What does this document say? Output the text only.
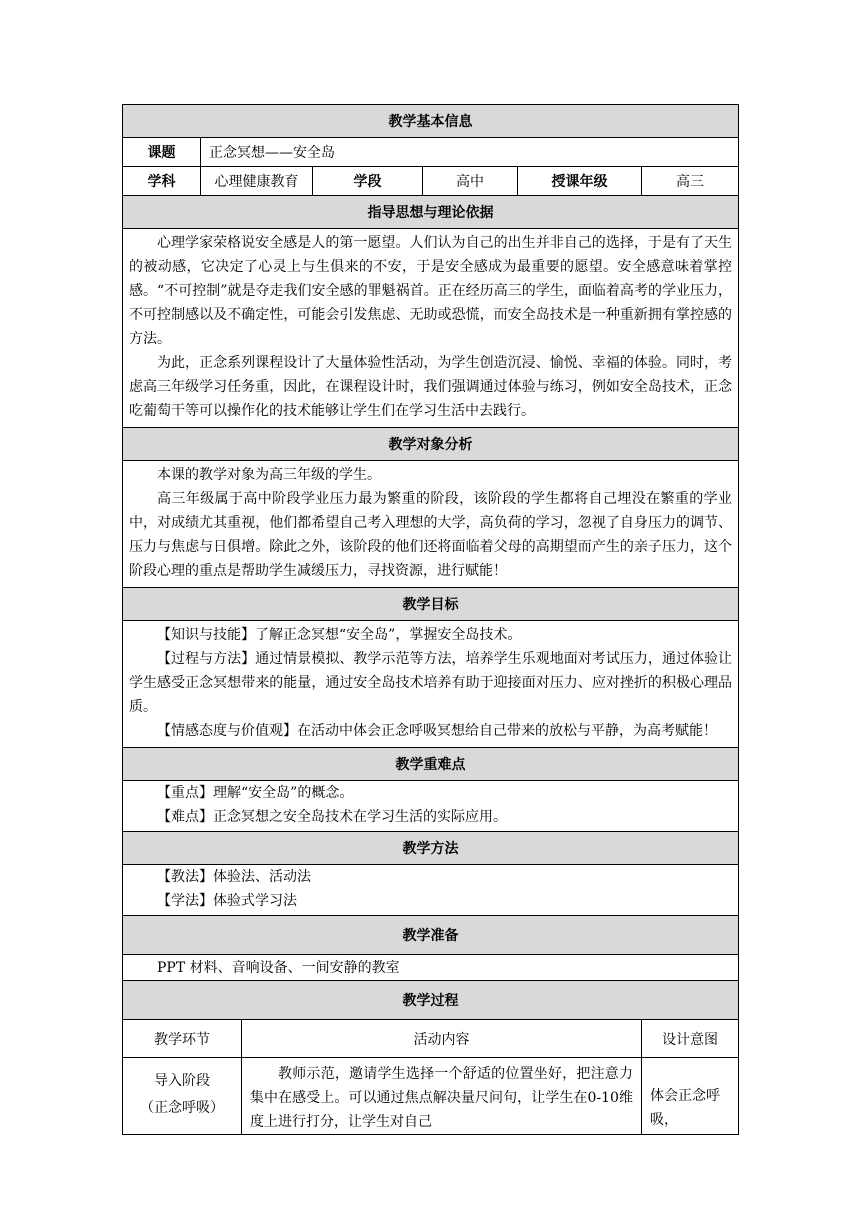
教学基本信息						
课题	正念冥想——安全岛					
学科	心理健康教育		学段	高中	授课年级	高三
指导思想与理论依据						

心理学家荣格说安全感是人的第一愿望。人们认为自己的出生并非自己的选择，于是有了天生的被动感，它决定了心灵上与生俱来的不安，于是安全感成为最重要的愿望。安全感意味着掌控感。“不可控制”就是夺走我们安全感的罪魁祸首。正在经历高三的学生，面临着高考的学业压力，不可控制感以及不确定性，可能会引发焦虑、无助或恐慌，而安全岛技术是一种重新拥有掌控感的方法。

为此，正念系列课程设计了大量体验性活动，为学生创造沉浸、愉悦、幸福的体验。同时，考虑高三年级学习任务重，因此，在课程设计时，我们强调通过体验与练习，例如安全岛技术，正念吃葡萄干等可以操作化的技术能够让学生们在学习生活中去践行。						

教学对象分析						

本课的教学对象为高三年级的学生。

高三年级属于高中阶段学业压力最为繁重的阶段，该阶段的学生都将自己埋没在繁重的学业中，对成绩尤其重视，他们都希望自己考入理想的大学，高负荷的学习，忽视了自身压力的调节、压力与焦虑与日俱增。除此之外，该阶段的他们还将面临着父母的高期望而产生的亲子压力，这个阶段心理的重点是帮助学生减缓压力，寻找资源，进行赋能！						

教学目标						

【知识与技能】了解正念冥想“安全岛”，掌握安全岛技术。

【过程与方法】通过情景模拟、教学示范等方法，培养学生乐观地面对考试压力，通过体验让学生感受正念冥想带来的能量，通过安全岛技术培养有助于迎接面对压力、应对挫折的积极心理品质。

【情感态度与价值观】在活动中体会正念呼吸冥想给自己带来的放松与平静，为高考赋能！						

教学重难点						

【重点】理解“安全岛”的概念。

【难点】正念冥想之安全岛技术在学习生活的实际应用。						

教学方法						

【教法】体验法、活动法

【学法】体验式学习法						

教学准备						

PPT 材料、音响设备、一间安静的教室						

教学过程						
教学环节		活动内容				设计意图

导入阶段
（正念呼吸）		教师示范，邀请学生选择一个舒适的位置坐好，把注意力集中在感受上。可以通过焦点解决量尺问句，让学生在0-10维度上进行打分，让学生对自己				体会正念呼吸，
